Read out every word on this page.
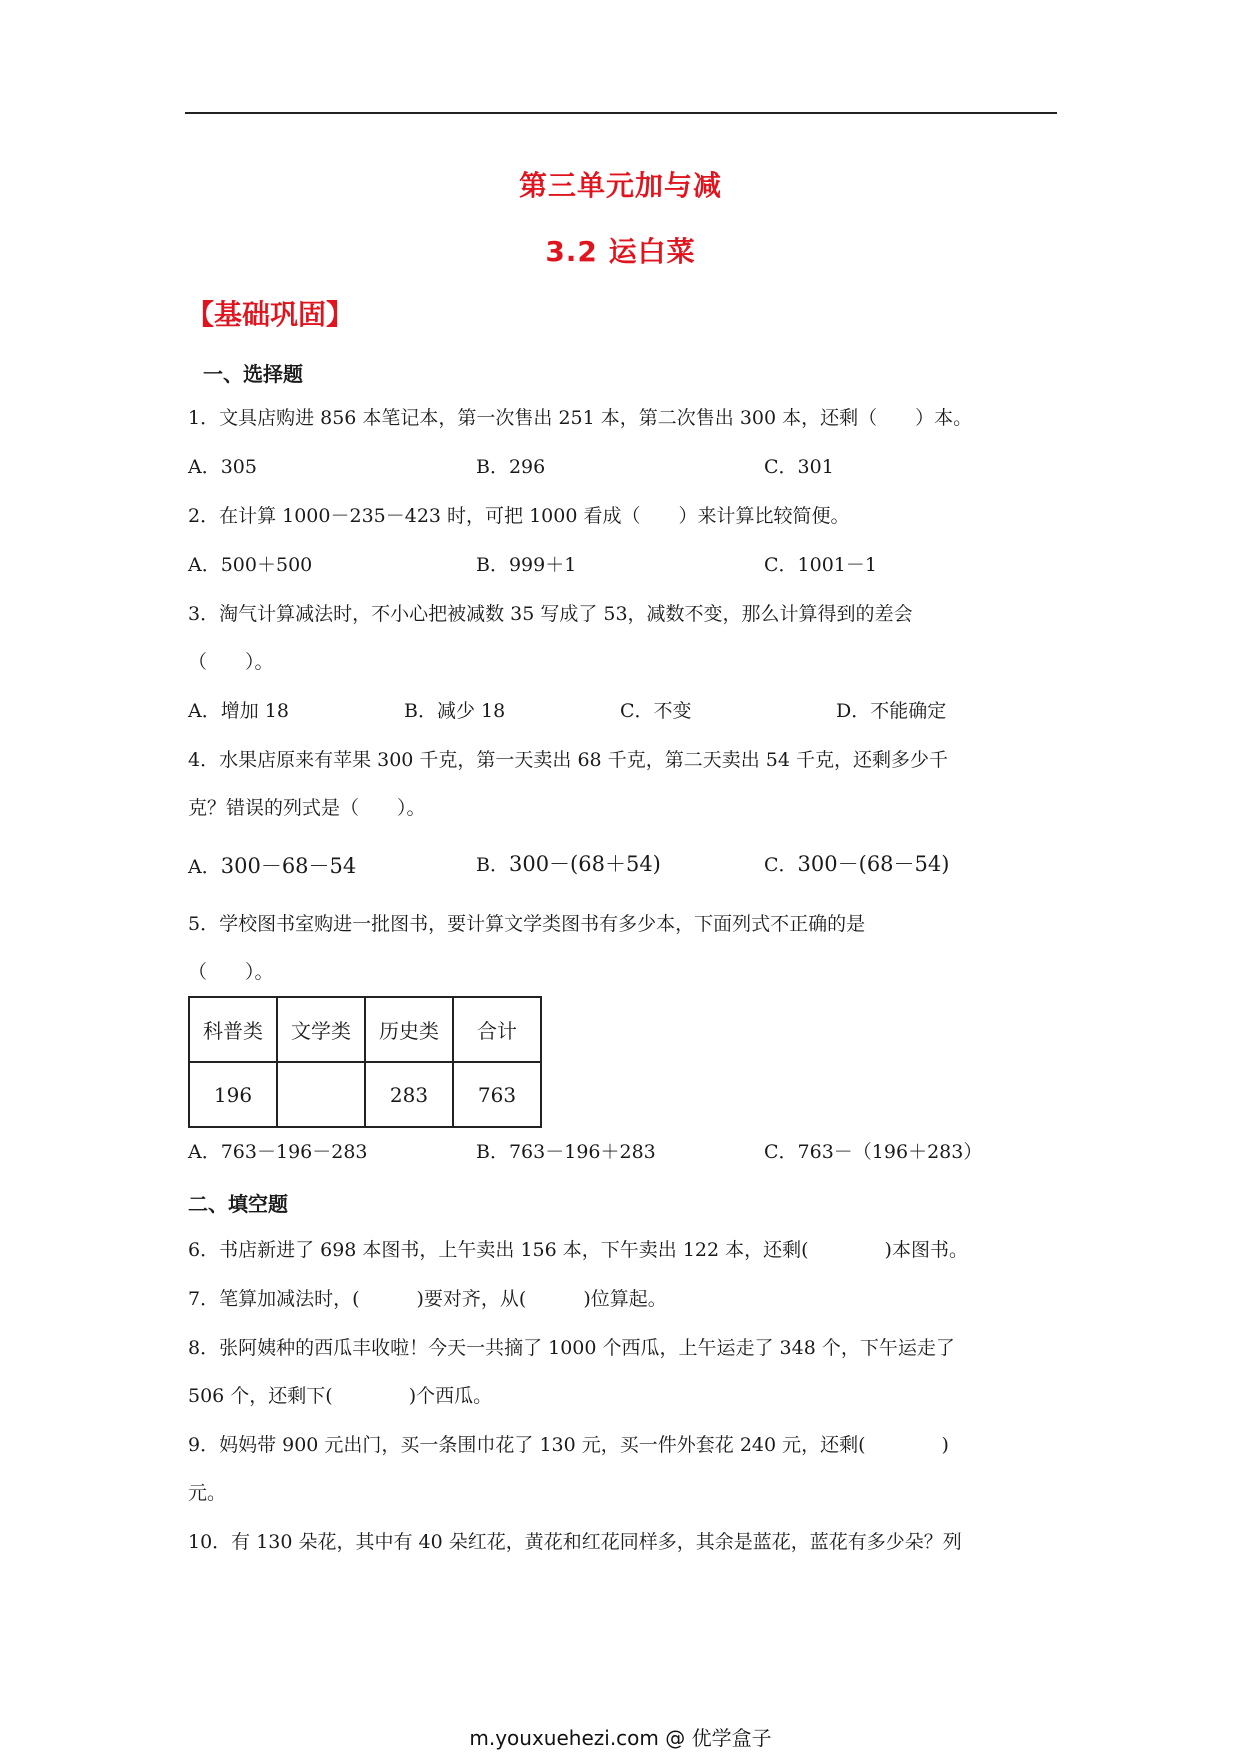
第三单元加与减
3.2 运白菜
【基础巩固】
一、选择题
1．文具店购进 856 本笔记本，第一次售出 251 本，第二次售出 300 本，还剩（　　）本。
A．305	B．296	C．301
2．在计算 1000－235－423 时，可把 1000 看成（　　）来计算比较简便。
A．500＋500	B．999＋1	C．1001－1
3．淘气计算减法时，不小心把被减数 35 写成了 53，减数不变，那么计算得到的差会
（　　）。
A．增加 18	B．减少 18	C．不变	D．不能确定
4．水果店原来有苹果 300 千克，第一天卖出 68 千克，第二天卖出 54 千克，还剩多少千
克？错误的列式是（　　）。
A．300－68－54	B．300－(68＋54)	C．300－(68－54)
5．学校图书室购进一批图书，要计算文学类图书有多少本，下面列式不正确的是
（　　）。
科普类	文学类	历史类	合计
196		283	763
A．763－196－283	B．763－196＋283	C．763－（196＋283）
二、填空题
6．书店新进了 698 本图书，上午卖出 156 本，下午卖出 122 本，还剩(　　　　)本图书。
7．笔算加减法时，(　　　)要对齐，从(　　　)位算起。
8．张阿姨种的西瓜丰收啦！今天一共摘了 1000 个西瓜，上午运走了 348 个，下午运走了
506 个，还剩下(　　　　)个西瓜。
9．妈妈带 900 元出门，买一条围巾花了 130 元，买一件外套花 240 元，还剩(　　　　)
元。
10．有 130 朵花，其中有 40 朵红花，黄花和红花同样多，其余是蓝花，蓝花有多少朵？列
m.youxuehezi.com @ 优学盒子
